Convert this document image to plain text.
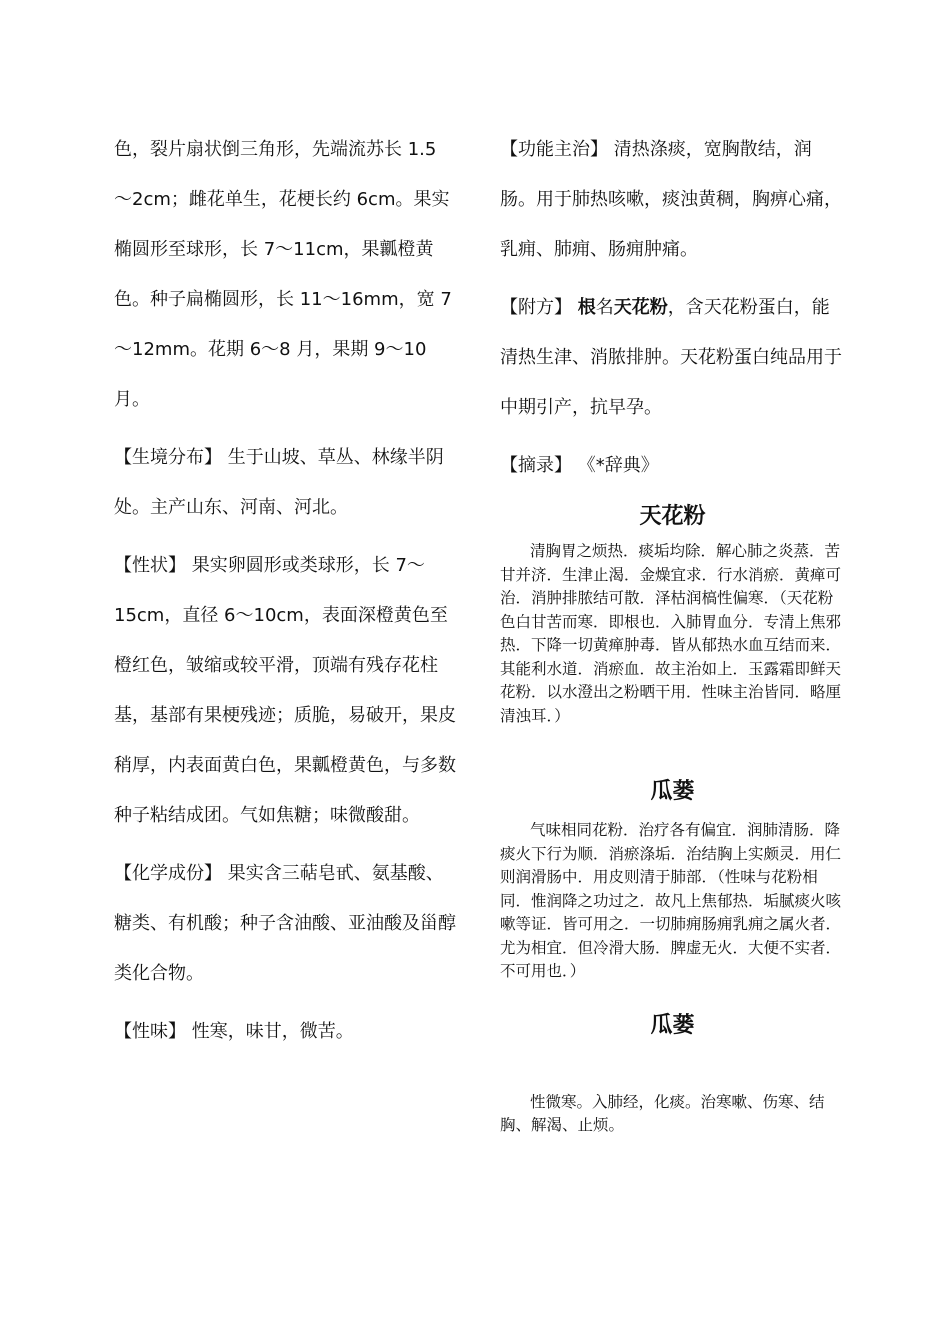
色，裂片扇状倒三角形，先端流苏长 1.5 ～2cm；雌花单生，花梗长约 6cm。果实椭圆形至球形，长 7～11cm，果瓤橙黄色。种子扁椭圆形，长 11～16mm，宽 7～12mm。花期 6～8 月，果期 9～10 月。

【生境分布】 生于山坡、草丛、林缘半阴处。主产山东、河南、河北。

【性状】 果实卵圆形或类球形，长 7～15cm，直径 6～10cm，表面深橙黄色至橙红色，皱缩或较平滑，顶端有残存花柱基，基部有果梗残迹；质脆，易破开，果皮稍厚，内表面黄白色，果瓤橙黄色，与多数种子粘结成团。气如焦糖；味微酸甜。

【化学成份】 果实含三萜皂甙、氨基酸、糖类、有机酸；种子含油酸、亚油酸及甾醇类化合物。

【性味】 性寒，味甘，微苦。

【功能主治】 清热涤痰，宽胸散结，润肠。用于肺热咳嗽，痰浊黄稠，胸痹心痛，乳痈、肺痈、肠痈肿痛。

【附方】 根名天花粉，含天花粉蛋白，能清热生津、消脓排肿。天花粉蛋白纯品用于中期引产，抗早孕。

【摘录】 《*辞典》

天花粉

清胸胃之烦热．痰垢均除．解心肺之炎蒸．苦甘并济．生津止渴．金燥宜求．行水消瘀．黄瘅可治．消肿排脓结可散．泽枯润槁性偏寒．（天花粉色白甘苦而寒．即根也．入肺胃血分．专清上焦邪热．下降一切黄瘅肿毒．皆从郁热水血互结而来．其能利水道．消瘀血．故主治如上．玉露霜即鲜天花粉．以水澄出之粉晒干用．性味主治皆同．略厘清浊耳．）

瓜蒌

气味相同花粉．治疗各有偏宜．润肺清肠．降痰火下行为顺．消瘀涤垢．治结胸上实颇灵．用仁则润滑肠中．用皮则清于肺部．（性味与花粉相同．惟润降之功过之．故凡上焦郁热．垢腻痰火咳嗽等证．皆可用之．一切肺痈肠痈乳痈之属火者．尤为相宜．但冷滑大肠．脾虚无火．大便不实者．不可用也．）

瓜蒌

性微寒。入肺经，化痰。治寒嗽、伤寒、结胸、解渴、止烦。
